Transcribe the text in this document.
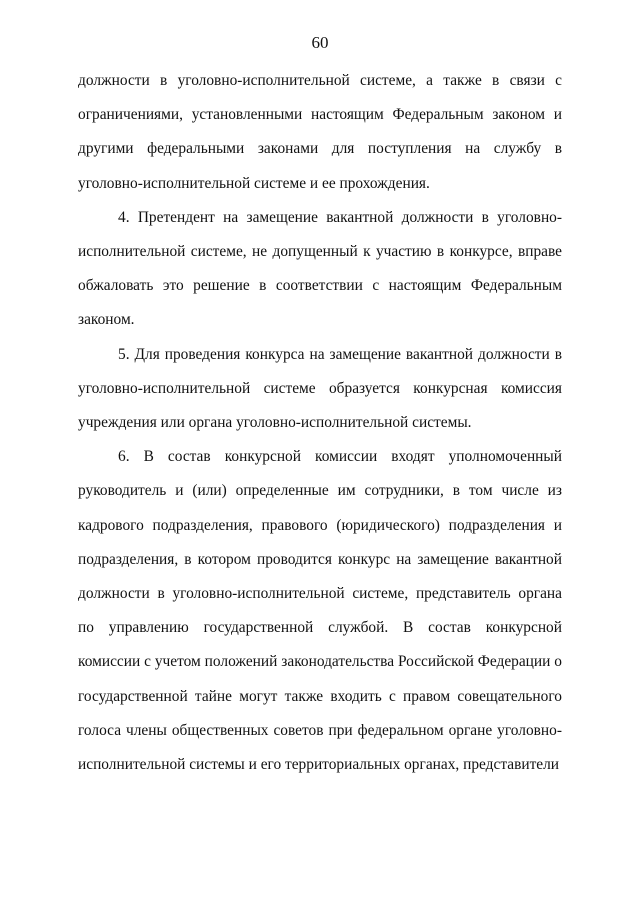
60

должности в уголовно-исполнительной системе, а также в связи с ограничениями, установленными настоящим Федеральным законом и другими федеральными законами для поступления на службу в уголовно-исполнительной системе и ее прохождения.

4. Претендент на замещение вакантной должности в уголовно-исполнительной системе, не допущенный к участию в конкурсе, вправе обжаловать это решение в соответствии с настоящим Федеральным законом.

5. Для проведения конкурса на замещение вакантной должности в уголовно-исполнительной системе образуется конкурсная комиссия учреждения или органа уголовно-исполнительной системы.

6. В состав конкурсной комиссии входят уполномоченный руководитель и (или) определенные им сотрудники, в том числе из кадрового подразделения, правового (юридического) подразделения и подразделения, в котором проводится конкурс на замещение вакантной должности в уголовно-исполнительной системе, представитель органа по управлению государственной службой. В состав конкурсной комиссии с учетом положений законодательства Российской Федерации о государственной тайне могут также входить с правом совещательного голоса члены общественных советов при федеральном органе уголовно-исполнительной системы и его территориальных органах, представители
